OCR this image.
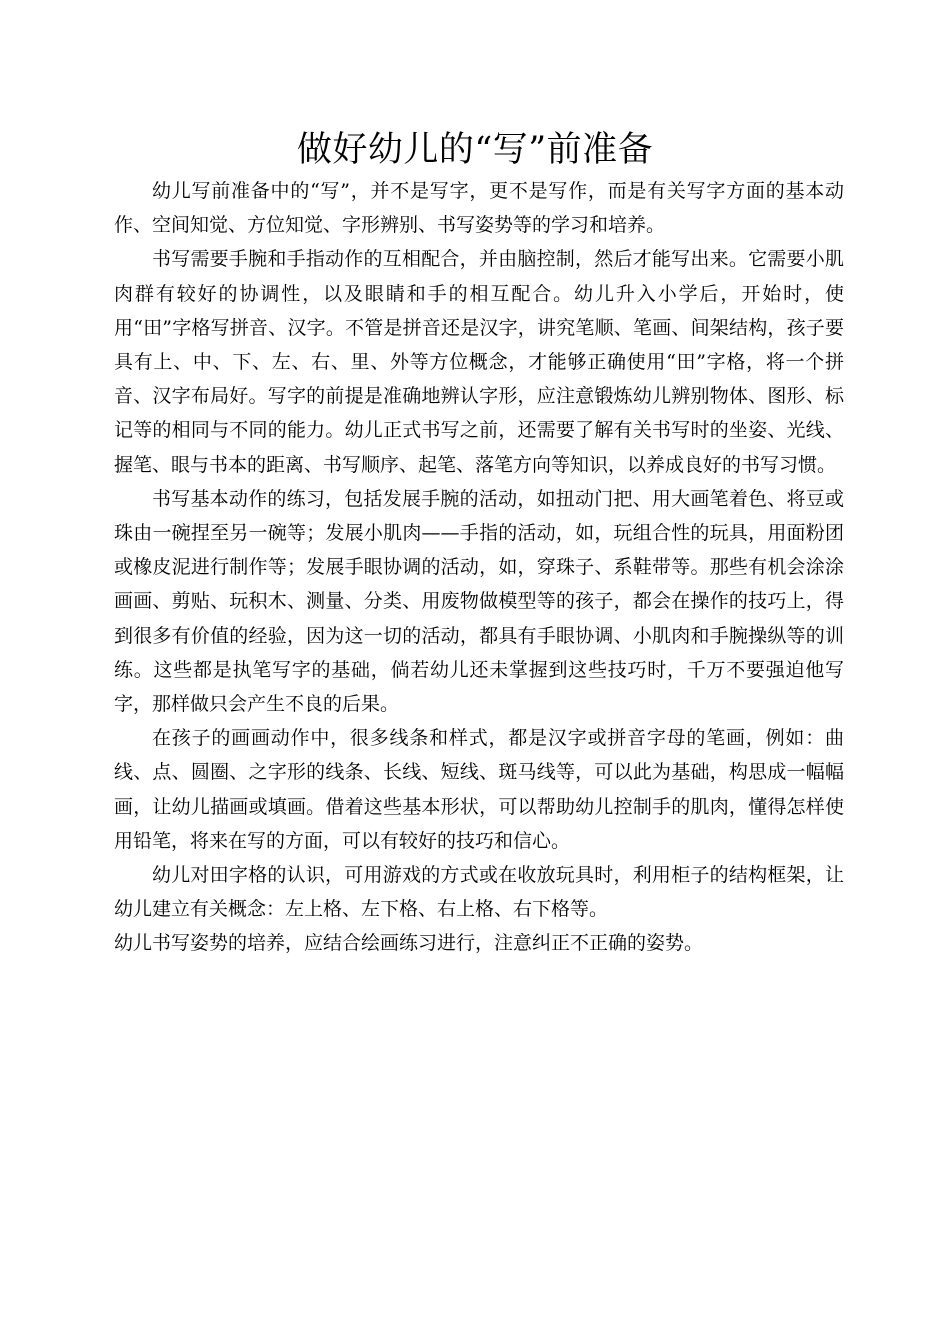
做好幼儿的“写”前准备

幼儿写前准备中的“写”，并不是写字，更不是写作，而是有关写字方面的基本动作、空间知觉、方位知觉、字形辨别、书写姿势等的学习和培养。

书写需要手腕和手指动作的互相配合，并由脑控制，然后才能写出来。它需要小肌肉群有较好的协调性，以及眼睛和手的相互配合。幼儿升入小学后，开始时，使用“田”字格写拼音、汉字。不管是拼音还是汉字，讲究笔顺、笔画、间架结构，孩子要具有上、中、下、左、右、里、外等方位概念，才能够正确使用“田”字格，将一个拼音、汉字布局好。写字的前提是准确地辨认字形，应注意锻炼幼儿辨别物体、图形、标记等的相同与不同的能力。幼儿正式书写之前，还需要了解有关书写时的坐姿、光线、握笔、眼与书本的距离、书写顺序、起笔、落笔方向等知识，以养成良好的书写习惯。

书写基本动作的练习，包括发展手腕的活动，如扭动门把、用大画笔着色、将豆或珠由一碗捏至另一碗等；发展小肌肉——手指的活动，如，玩组合性的玩具，用面粉团或橡皮泥进行制作等；发展手眼协调的活动，如，穿珠子、系鞋带等。那些有机会涂涂画画、剪贴、玩积木、测量、分类、用废物做模型等的孩子，都会在操作的技巧上，得到很多有价值的经验，因为这一切的活动，都具有手眼协调、小肌肉和手腕操纵等的训练。这些都是执笔写字的基础，倘若幼儿还未掌握到这些技巧时，千万不要强迫他写字，那样做只会产生不良的后果。

在孩子的画画动作中，很多线条和样式，都是汉字或拼音字母的笔画，例如：曲线、点、圆圈、之字形的线条、长线、短线、斑马线等，可以此为基础，构思成一幅幅画，让幼儿描画或填画。借着这些基本形状，可以帮助幼儿控制手的肌肉，懂得怎样使用铅笔，将来在写的方面，可以有较好的技巧和信心。

幼儿对田字格的认识，可用游戏的方式或在收放玩具时，利用柜子的结构框架，让幼儿建立有关概念：左上格、左下格、右上格、右下格等。

幼儿书写姿势的培养，应结合绘画练习进行，注意纠正不正确的姿势。
